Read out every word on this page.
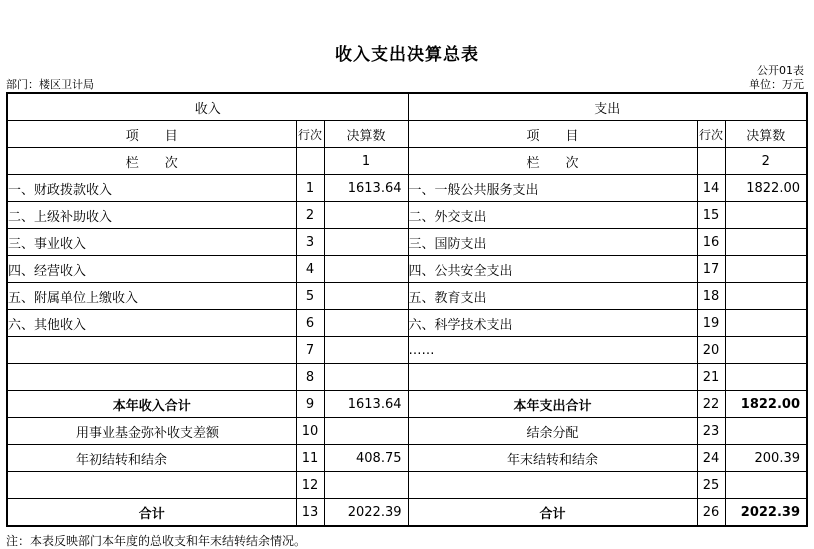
收入支出决算总表
公开01表
部门：楼区卫计局	单位：万元
收入			支出		
项　　目	行次	决算数	项　　目	行次	决算数
栏　　次		1	栏　　次		2
一、财政拨款收入	1	1613.64	一、一般公共服务支出	14	1822.00
二、上级补助收入	2		二、外交支出	15	
三、事业收入	3		三、国防支出	16	
四、经营收入	4		四、公共安全支出	17	
五、附属单位上缴收入	5		五、教育支出	18	
六、其他收入	6		六、科学技术支出	19	
	7		……	20	
	8			21	
本年收入合计	9	1613.64	本年支出合计	22	1822.00
用事业基金弥补收支差额	10		结余分配	23	
年初结转和结余	11	408.75	年末结转和结余	24	200.39
	12			25	
合计	13	2022.39	合计	26	2022.39
注：本表反映部门本年度的总收支和年末结转结余情况。
